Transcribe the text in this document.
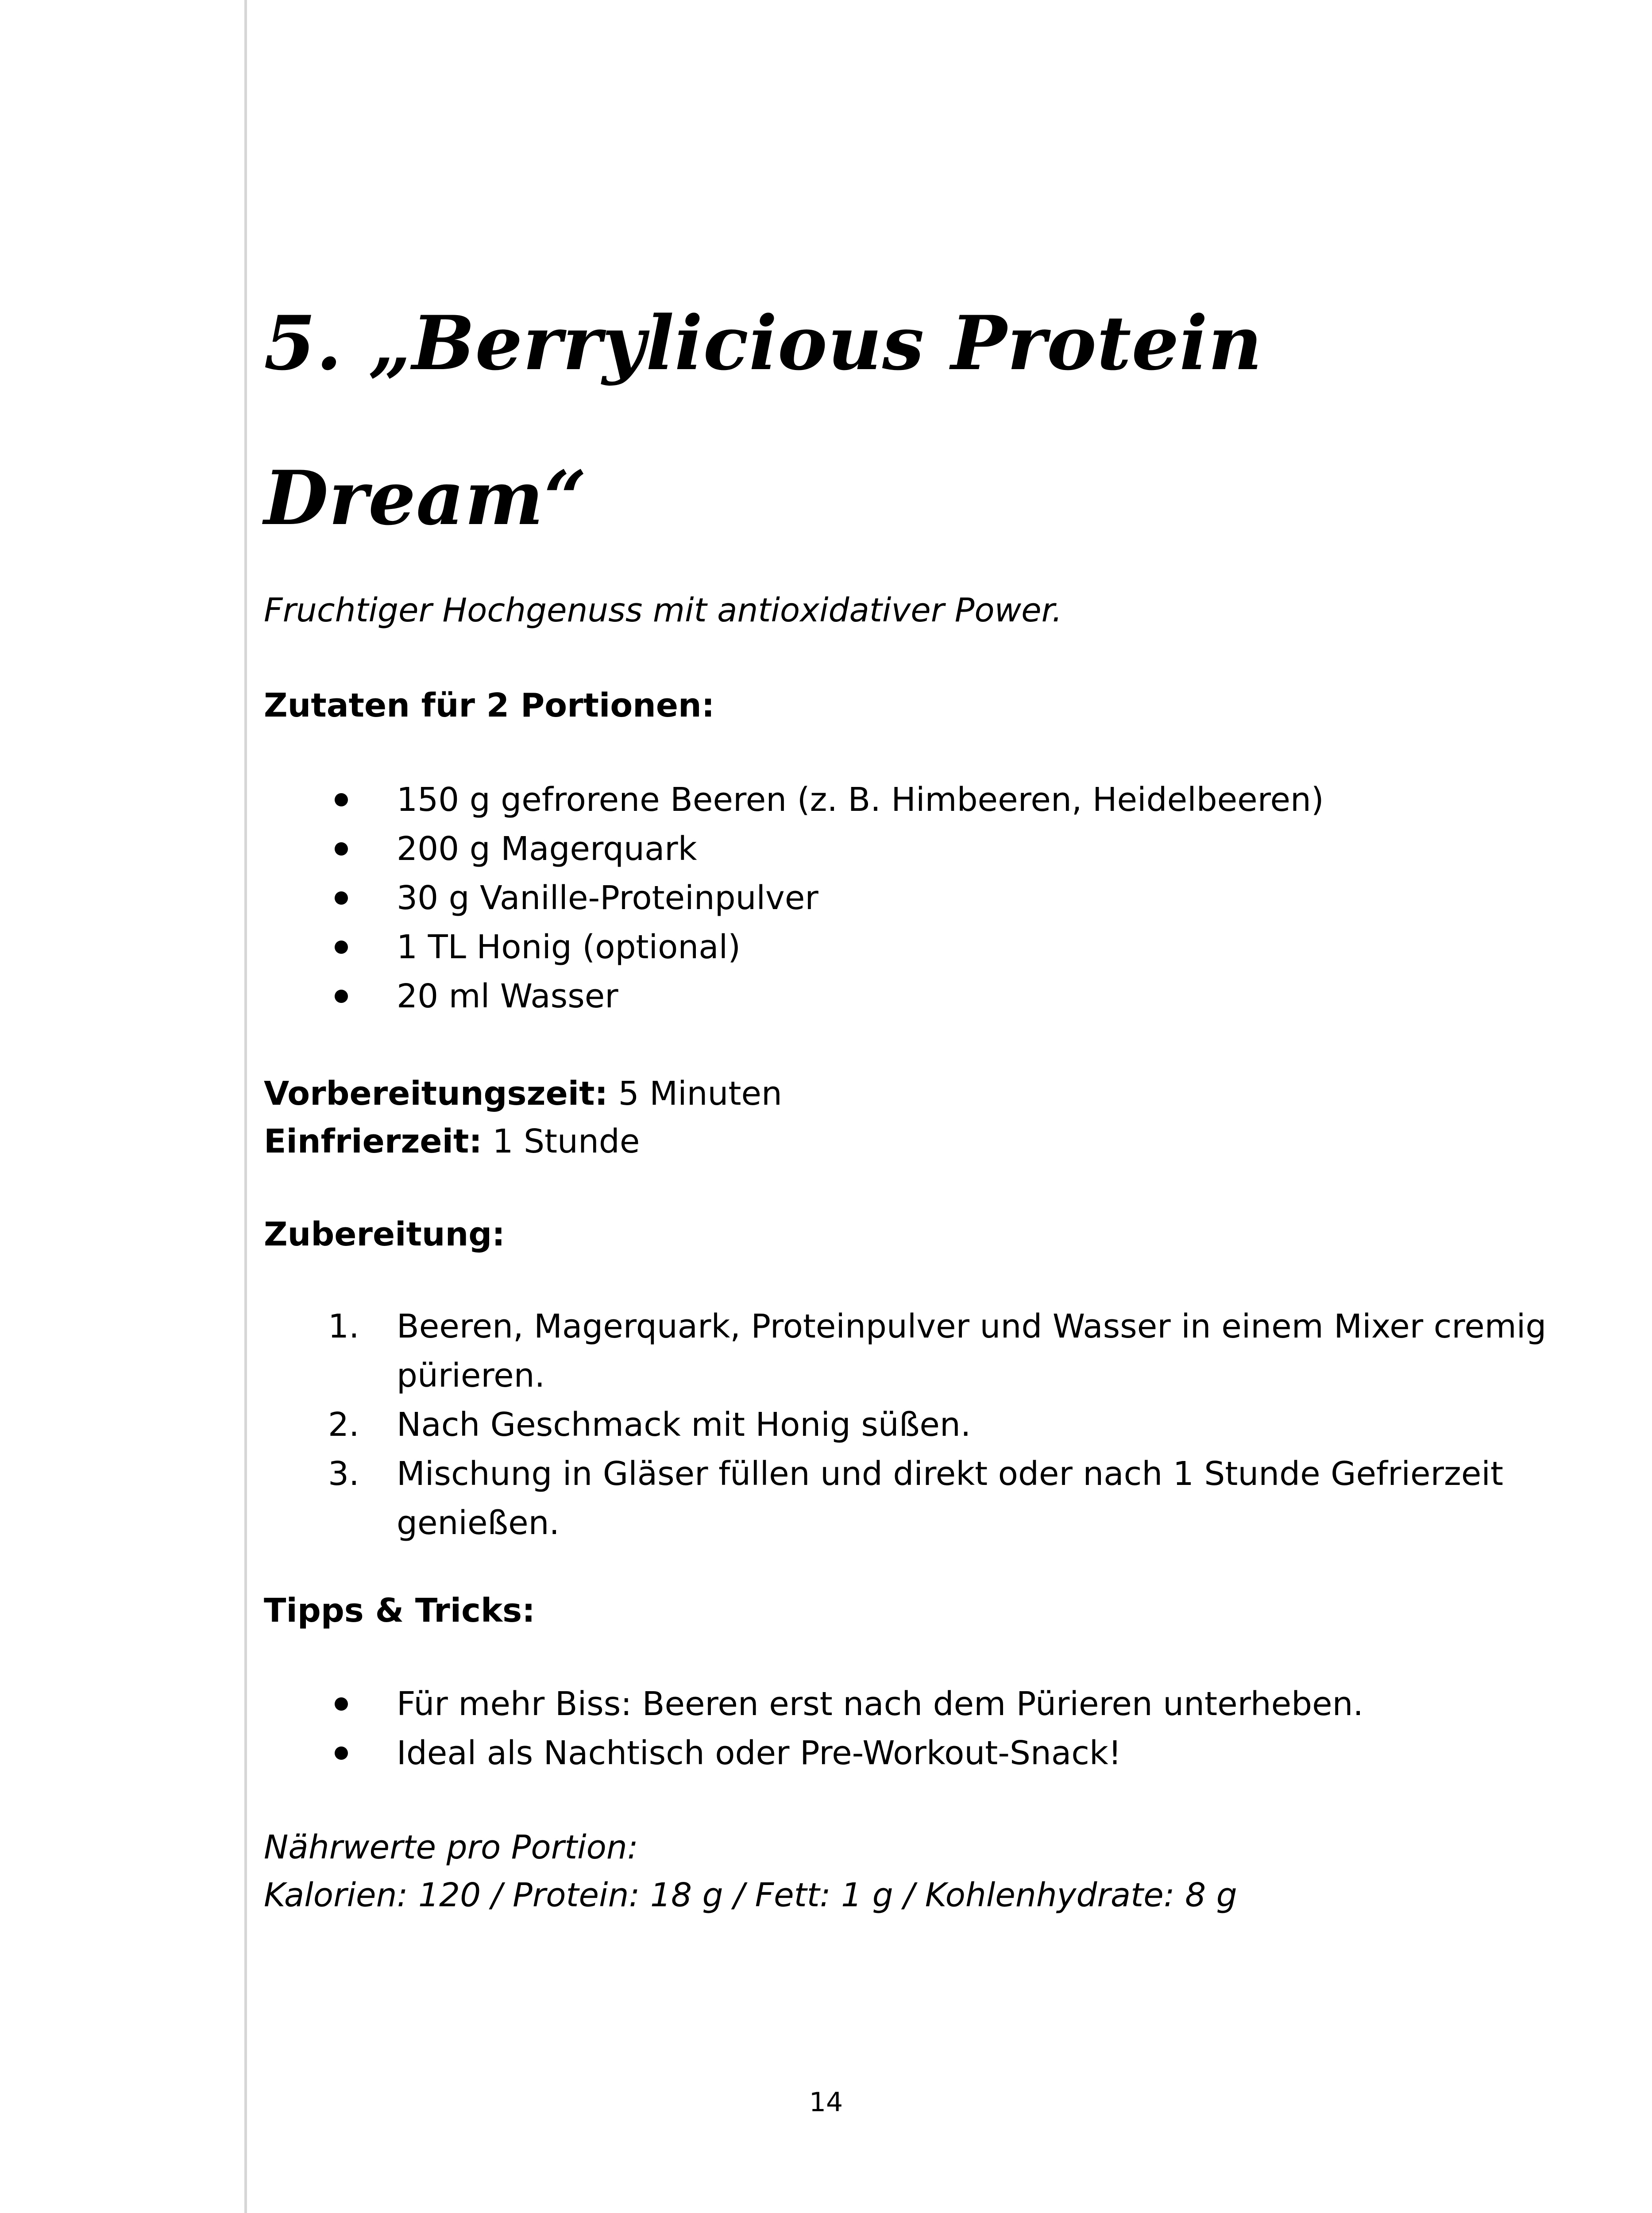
5. „Berrylicious Protein Dream“
Fruchtiger Hochgenuss mit antioxidativer Power.
Zutaten für 2 Portionen:
150 g gefrorene Beeren (z. B. Himbeeren, Heidelbeeren)
200 g Magerquark
30 g Vanille-Proteinpulver
1 TL Honig (optional)
20 ml Wasser
Vorbereitungszeit: 5 Minuten
Einfrierzeit: 1 Stunde
Zubereitung:
1. Beeren, Magerquark, Proteinpulver und Wasser in einem Mixer cremig pürieren.
2. Nach Geschmack mit Honig süßen.
3. Mischung in Gläser füllen und direkt oder nach 1 Stunde Gefrierzeit genießen.
Tipps & Tricks:
Für mehr Biss: Beeren erst nach dem Pürieren unterheben.
Ideal als Nachtisch oder Pre-Workout-Snack!
Nährwerte pro Portion:
Kalorien: 120 / Protein: 18 g / Fett: 1 g / Kohlenhydrate: 8 g
14
